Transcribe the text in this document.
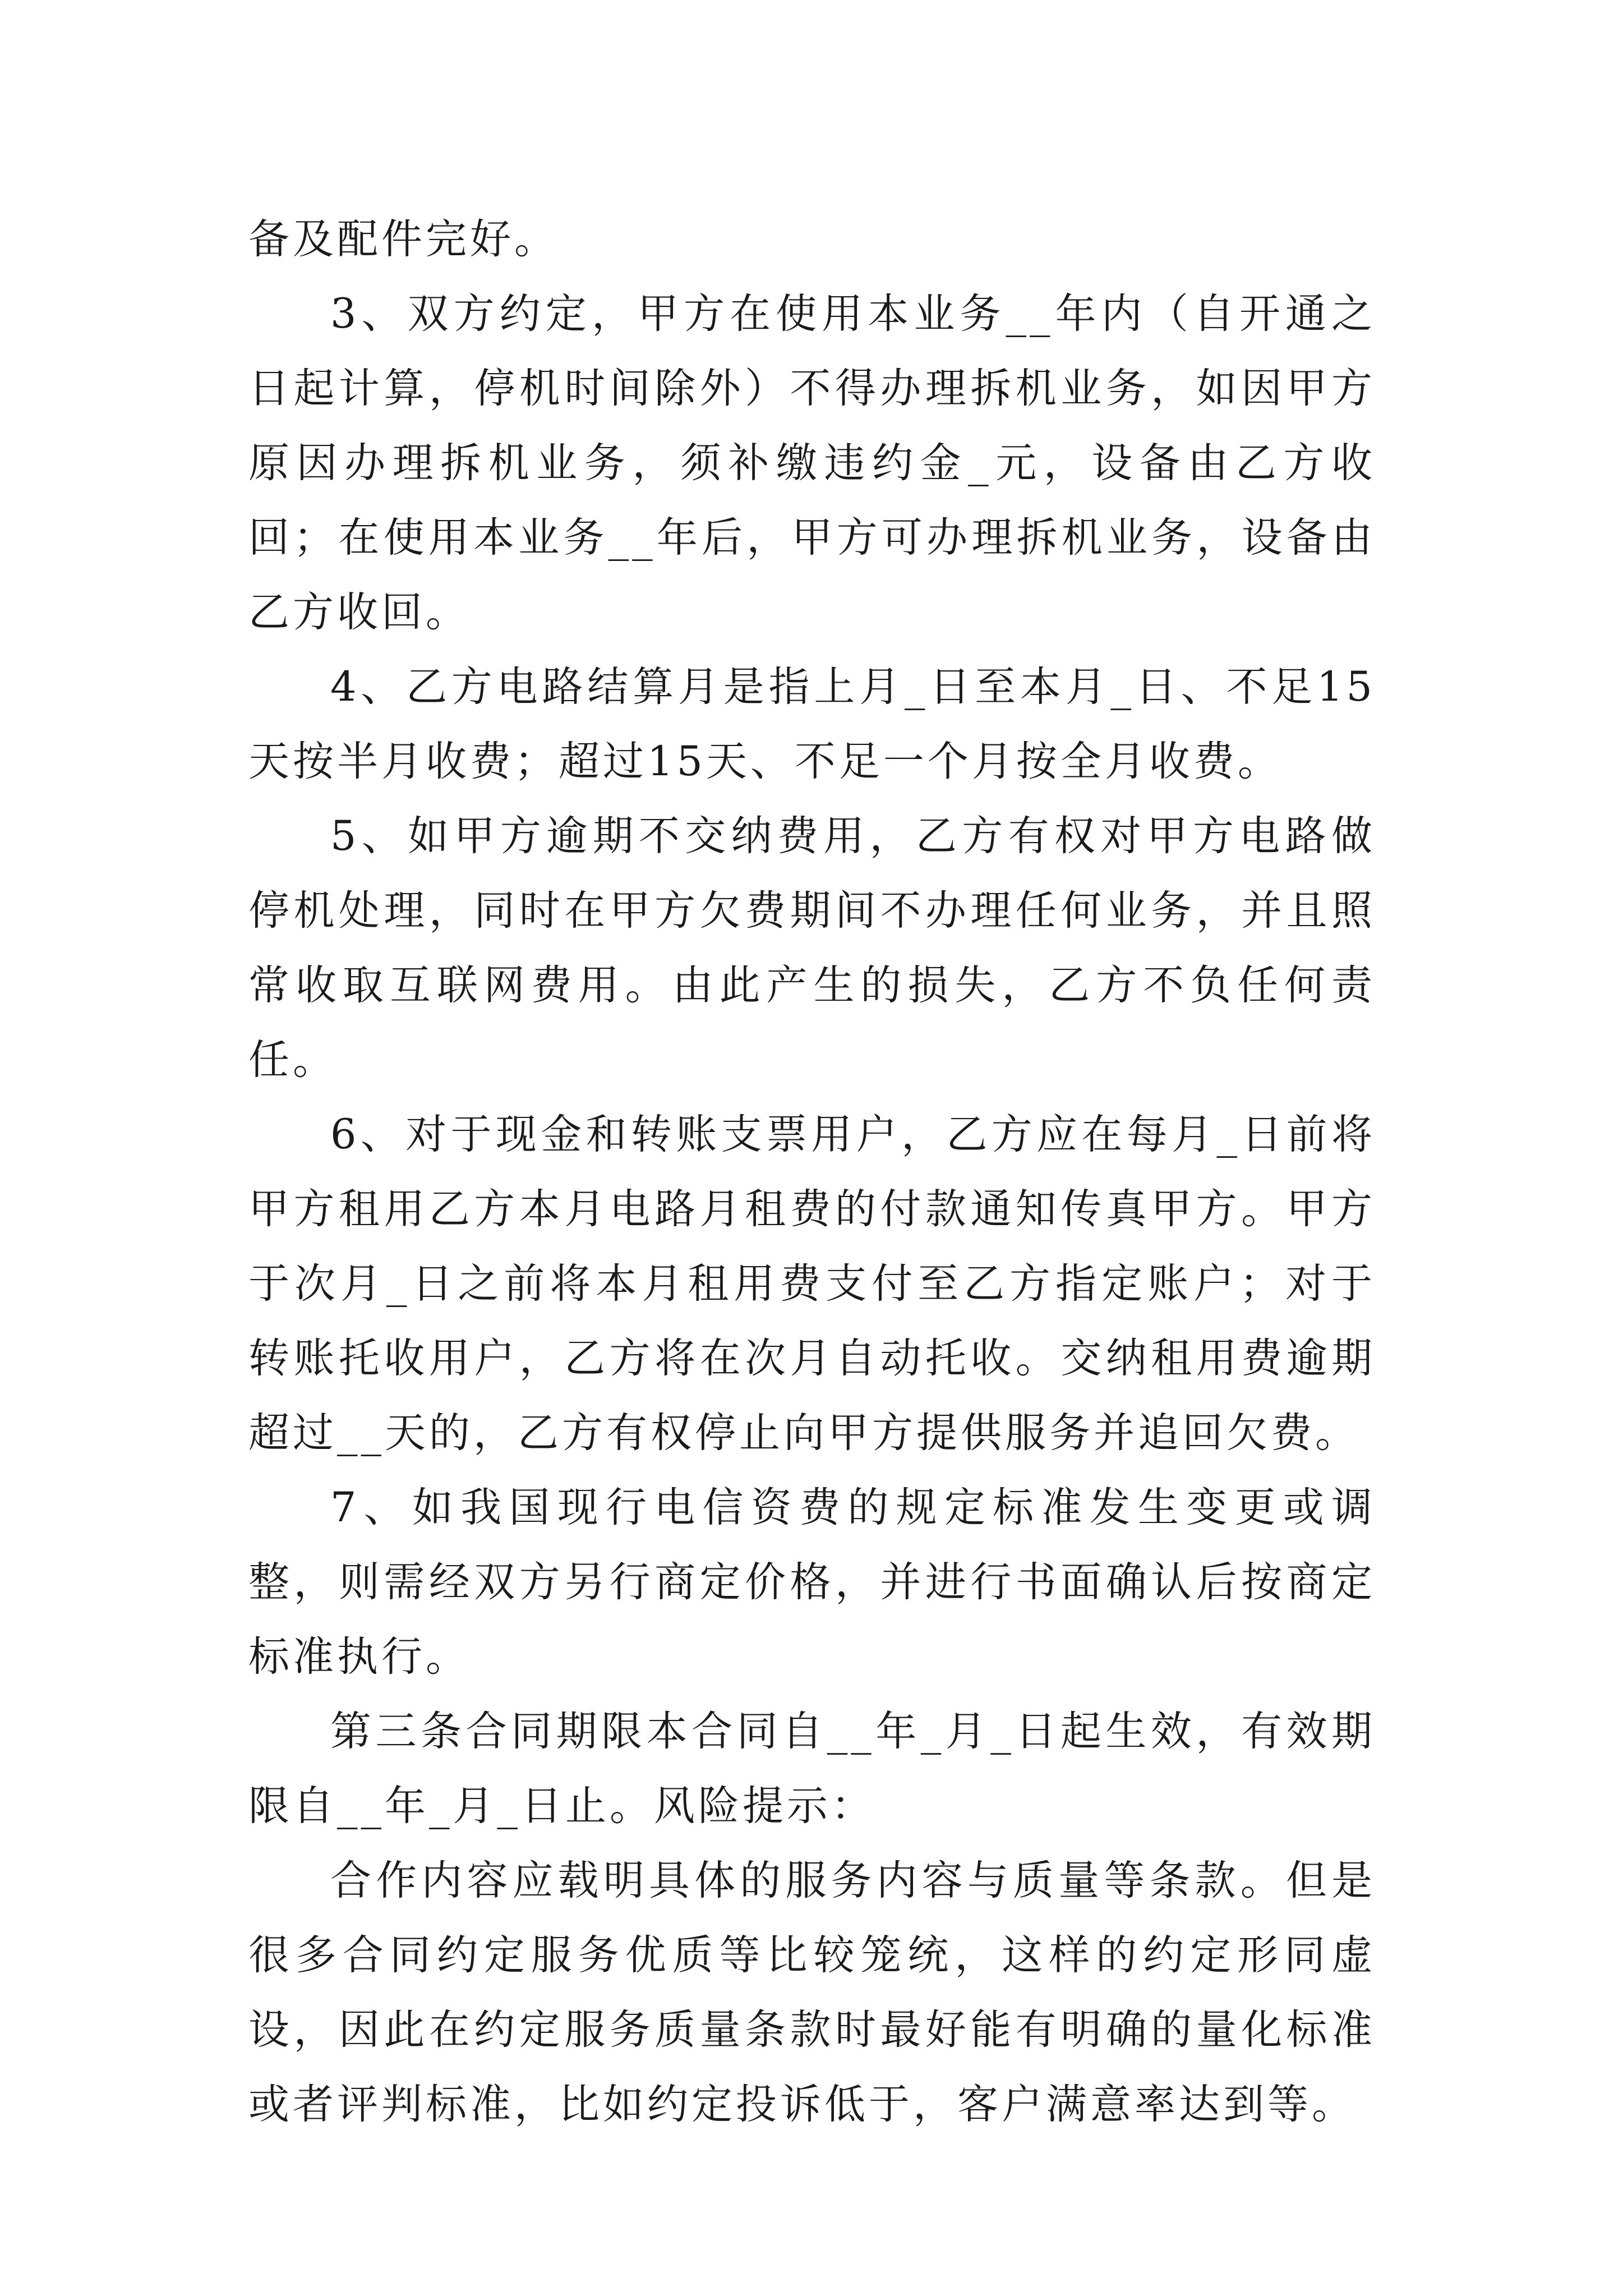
备及配件完好。

3、双方约定，甲方在使用本业务__年内（自开通之日起计算，停机时间除外）不得办理拆机业务，如因甲方原因办理拆机业务，须补缴违约金_元，设备由乙方收回；在使用本业务__年后，甲方可办理拆机业务，设备由乙方收回。

4、乙方电路结算月是指上月_日至本月_日、不足15天按半月收费；超过15天、不足一个月按全月收费。

5、如甲方逾期不交纳费用，乙方有权对甲方电路做停机处理，同时在甲方欠费期间不办理任何业务，并且照常收取互联网费用。由此产生的损失，乙方不负任何责任。

6、对于现金和转账支票用户，乙方应在每月_日前将甲方租用乙方本月电路月租费的付款通知传真甲方。甲方于次月_日之前将本月租用费支付至乙方指定账户；对于转账托收用户，乙方将在次月自动托收。交纳租用费逾期超过__天的，乙方有权停止向甲方提供服务并追回欠费。

7、如我国现行电信资费的规定标准发生变更或调整，则需经双方另行商定价格，并进行书面确认后按商定标准执行。

第三条合同期限本合同自__年_月_日起生效，有效期限自__年_月_日止。风险提示：

合作内容应载明具体的服务内容与质量等条款。但是很多合同约定服务优质等比较笼统，这样的约定形同虚设，因此在约定服务质量条款时最好能有明确的量化标准或者评判标准，比如约定投诉低于，客户满意率达到等。
